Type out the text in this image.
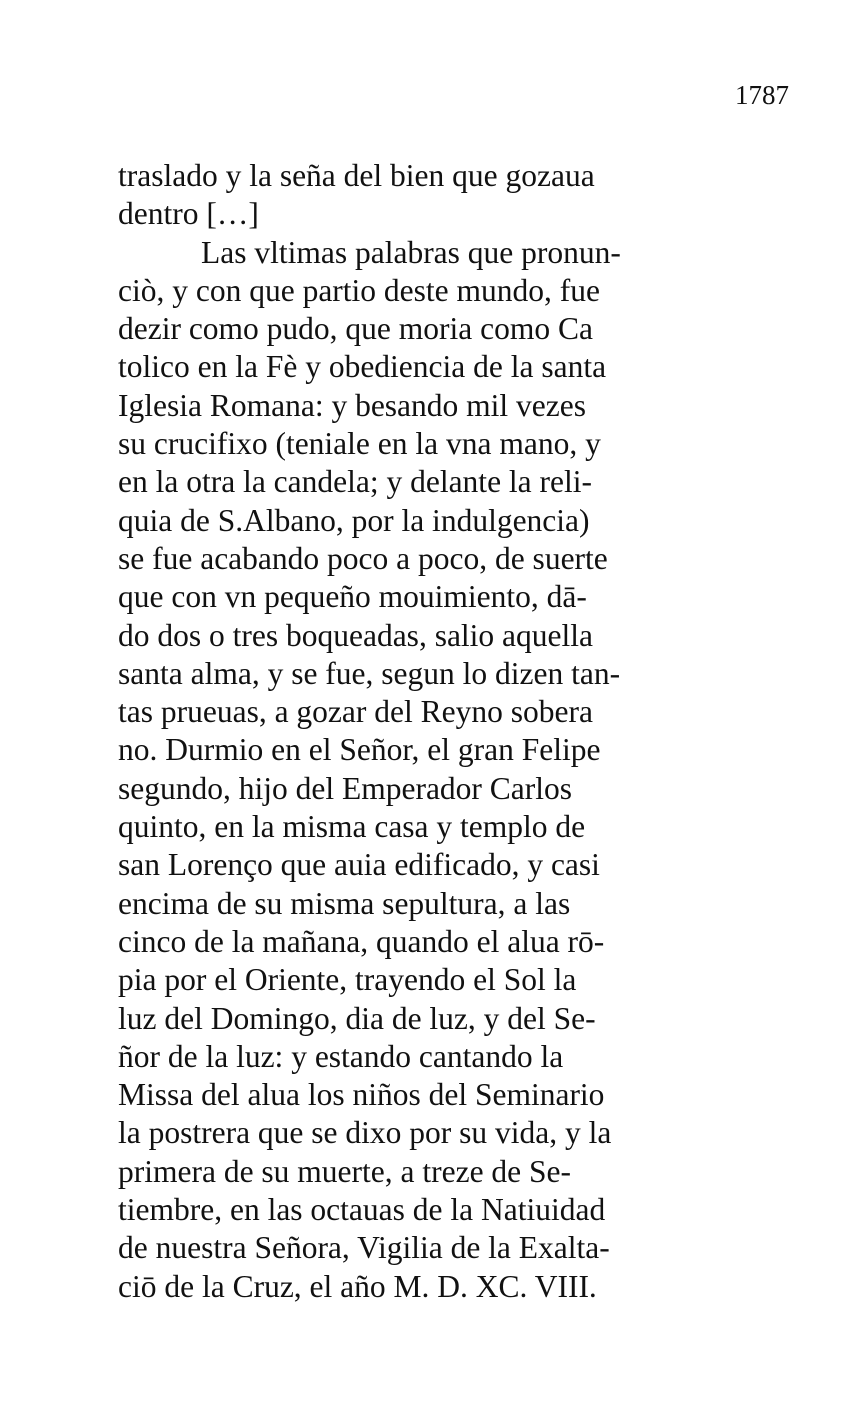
1787
traslado y la seña del bien que gozaua
dentro […]
Las vltimas palabras que pronun-
ciò, y con que partio deste mundo, fue
dezir como pudo, que moria como Ca
tolico en la Fè y obediencia de la santa
Iglesia Romana: y besando mil vezes
su crucifixo (teniale en la vna mano, y
en la otra la candela; y delante la reli-
quia de S.Albano, por la indulgencia)
se fue acabando poco a poco, de suerte
que con vn pequeño mouimiento, dā-
do dos o tres boqueadas, salio aquella
santa alma, y se fue, segun lo dizen tan-
tas prueuas, a gozar del Reyno sobera
no. Durmio en el Señor, el gran Felipe
segundo, hijo del Emperador Carlos
quinto, en la misma casa y templo de
san Lorenço que auia edificado, y casi
encima de su misma sepultura, a las
cinco de la mañana, quando el alua rō-
pia por el Oriente, trayendo el Sol la
luz del Domingo, dia de luz, y del Se-
ñor de la luz: y estando cantando la
Missa del alua los niños del Seminario
la postrera que se dixo por su vida, y la
primera de su muerte, a treze de Se-
tiembre, en las octauas de la Natiuidad
de nuestra Señora, Vigilia de la Exalta-
ciō de la Cruz, el año M. D. XC. VIII.
